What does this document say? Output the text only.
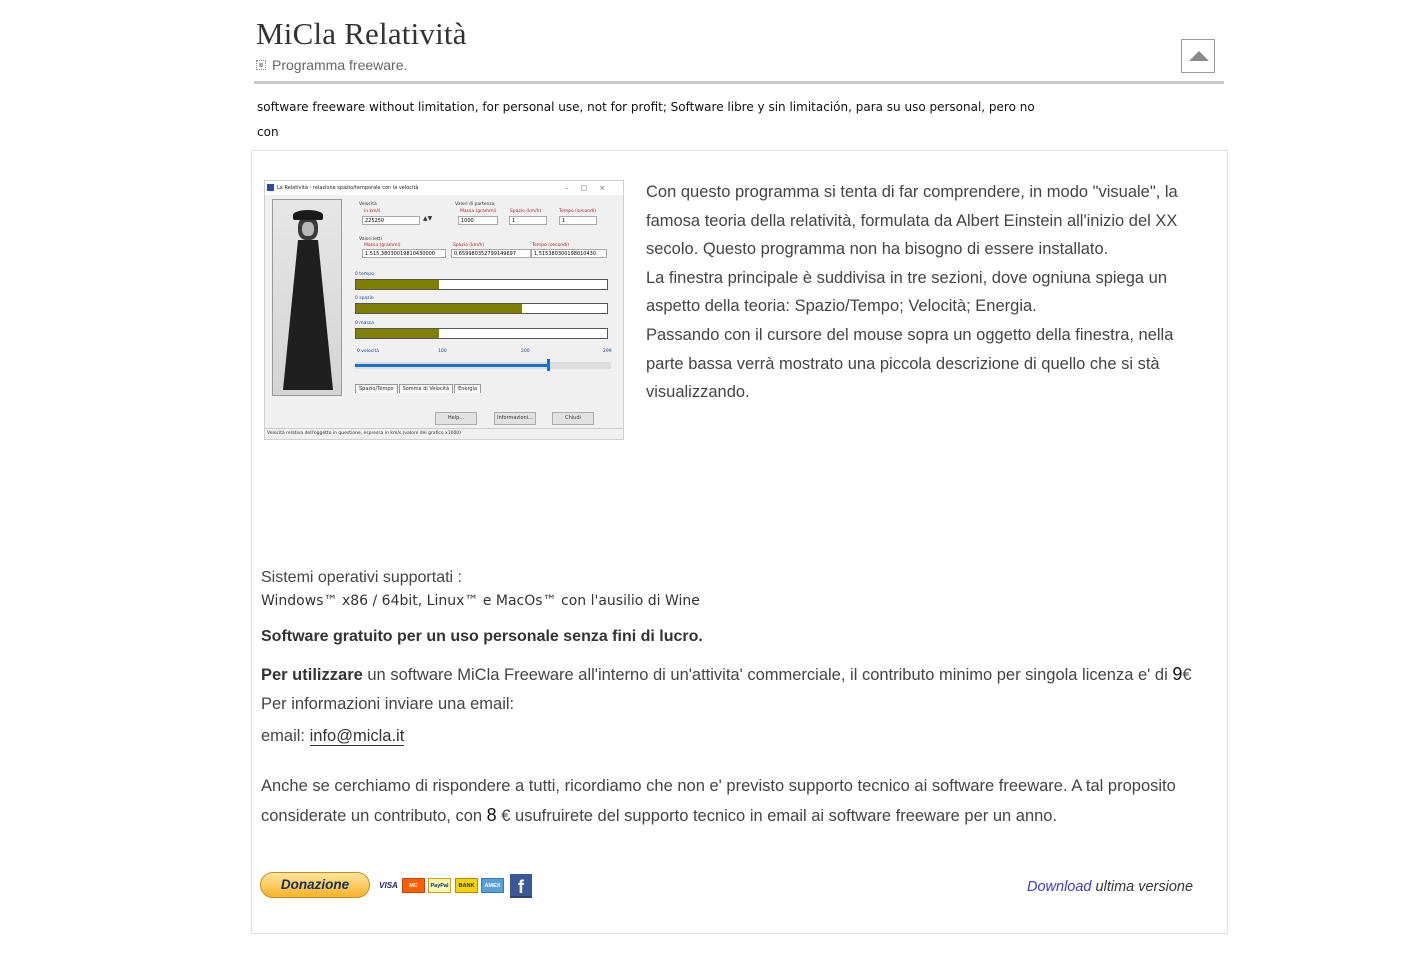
MiCla Relatività
Programma freeware.
software freeware without limitation, for personal use, not for profit; Software libre y sin limitación, para su uso personal, pero no con
La Relatività - relazione spazio/temporale con la velocità	–□×
Velocità
in km/s
225250	▲▼
Valori di partenza
Massa (grammi)
1000
Spazio (km/h)
1
Tempo (secondi)
1
Valori letti
Massa (grammi)
1.515,38030019810430000
Spazio (km/h)
0,659980352799149697
Tempo (secondi)
1,515380300198010430
0 tempo
0 spazio
0 massa
0 velocità	100	200	299
Spazio/Tempo	Somma di Velocità	Energia
Help...	Informazioni...	Chiudi
Velocità relativa dell'oggetto in questione, espressa in km/s (valore del grafico x1000)

Con questo programma si tenta di far comprendere, in modo "visuale", la famosa teoria della relatività, formulata da Albert Einstein all'inizio del XX secolo. Questo programma non ha bisogno di essere installato.

La finestra principale è suddivisa in tre sezioni, dove ogniuna spiega un aspetto della teoria: Spazio/Tempo; Velocità; Energia.

Passando con il cursore del mouse sopra un oggetto della finestra, nella parte bassa verrà mostrato una piccola descrizione di quello che si stà visualizzando.

Sistemi operativi supportati :
Windows™ x86 / 64bit, Linux™ e MacOs™ con l'ausilio di Wine
Software gratuito per un uso personale senza fini di lucro.
Per utilizzare un software MiCla Freeware all'interno di un'attivita' commerciale, il contributo minimo per singola licenza e' di 9€
Per informazioni inviare una email:
email: info@micla.it
Anche se cerchiamo di rispondere a tutti, ricordiamo che non e' previsto supporto tecnico ai software freeware. A tal proposito considerate un contributo, con 8 € usufruirete del supporto tecnico in email ai software freeware per un anno.
Donazione	VISA	MC	PayPal	BANK	AMEX f	Download ultima versione
